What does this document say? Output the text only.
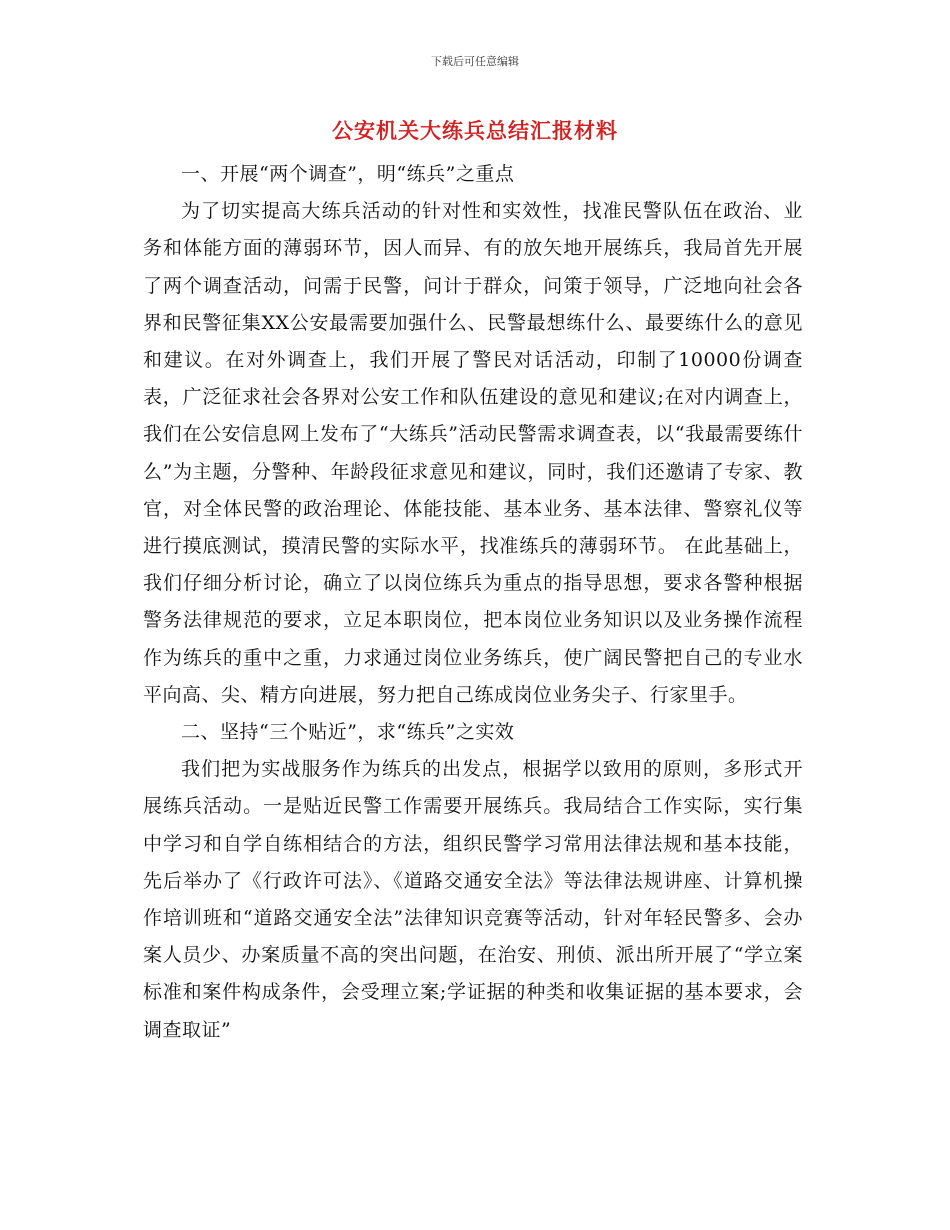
下载后可任意编辑
公安机关大练兵总结汇报材料

一、开展“两个调查”，明“练兵”之重点

为了切实提高大练兵活动的针对性和实效性，找准民警队伍在政治、业务和体能方面的薄弱环节，因人而异、有的放矢地开展练兵，我局首先开展了两个调查活动，问需于民警，问计于群众，问策于领导，广泛地向社会各界和民警征集XX公安最需要加强什么、民警最想练什么、最要练什么的意见和建议。在对外调查上，我们开展了警民对话活动，印制了10000份调查表，广泛征求社会各界对公安工作和队伍建设的意见和建议;在对内调查上，我们在公安信息网上发布了“大练兵”活动民警需求调查表，以“我最需要练什么”为主题，分警种、年龄段征求意见和建议，同时，我们还邀请了专家、教官，对全体民警的政治理论、体能技能、基本业务、基本法律、警察礼仪等进行摸底测试，摸清民警的实际水平，找准练兵的薄弱环节。 在此基础上，我们仔细分析讨论，确立了以岗位练兵为重点的指导思想，要求各警种根据警务法律规范的要求，立足本职岗位，把本岗位业务知识以及业务操作流程作为练兵的重中之重，力求通过岗位业务练兵，使广阔民警把自己的专业水平向高、尖、精方向进展，努力把自己练成岗位业务尖子、行家里手。

二、坚持“三个贴近”，求“练兵”之实效

我们把为实战服务作为练兵的出发点，根据学以致用的原则，多形式开展练兵活动。一是贴近民警工作需要开展练兵。我局结合工作实际，实行集中学习和自学自练相结合的方法，组织民警学习常用法律法规和基本技能，先后举办了《行政许可法》、《道路交通安全法》等法律法规讲座、计算机操作培训班和“道路交通安全法”法律知识竞赛等活动，针对年轻民警多、会办案人员少、办案质量不高的突出问题，在治安、刑侦、派出所开展了“学立案标准和案件构成条件，会受理立案;学证据的种类和收集证据的基本要求，会调查取证”
